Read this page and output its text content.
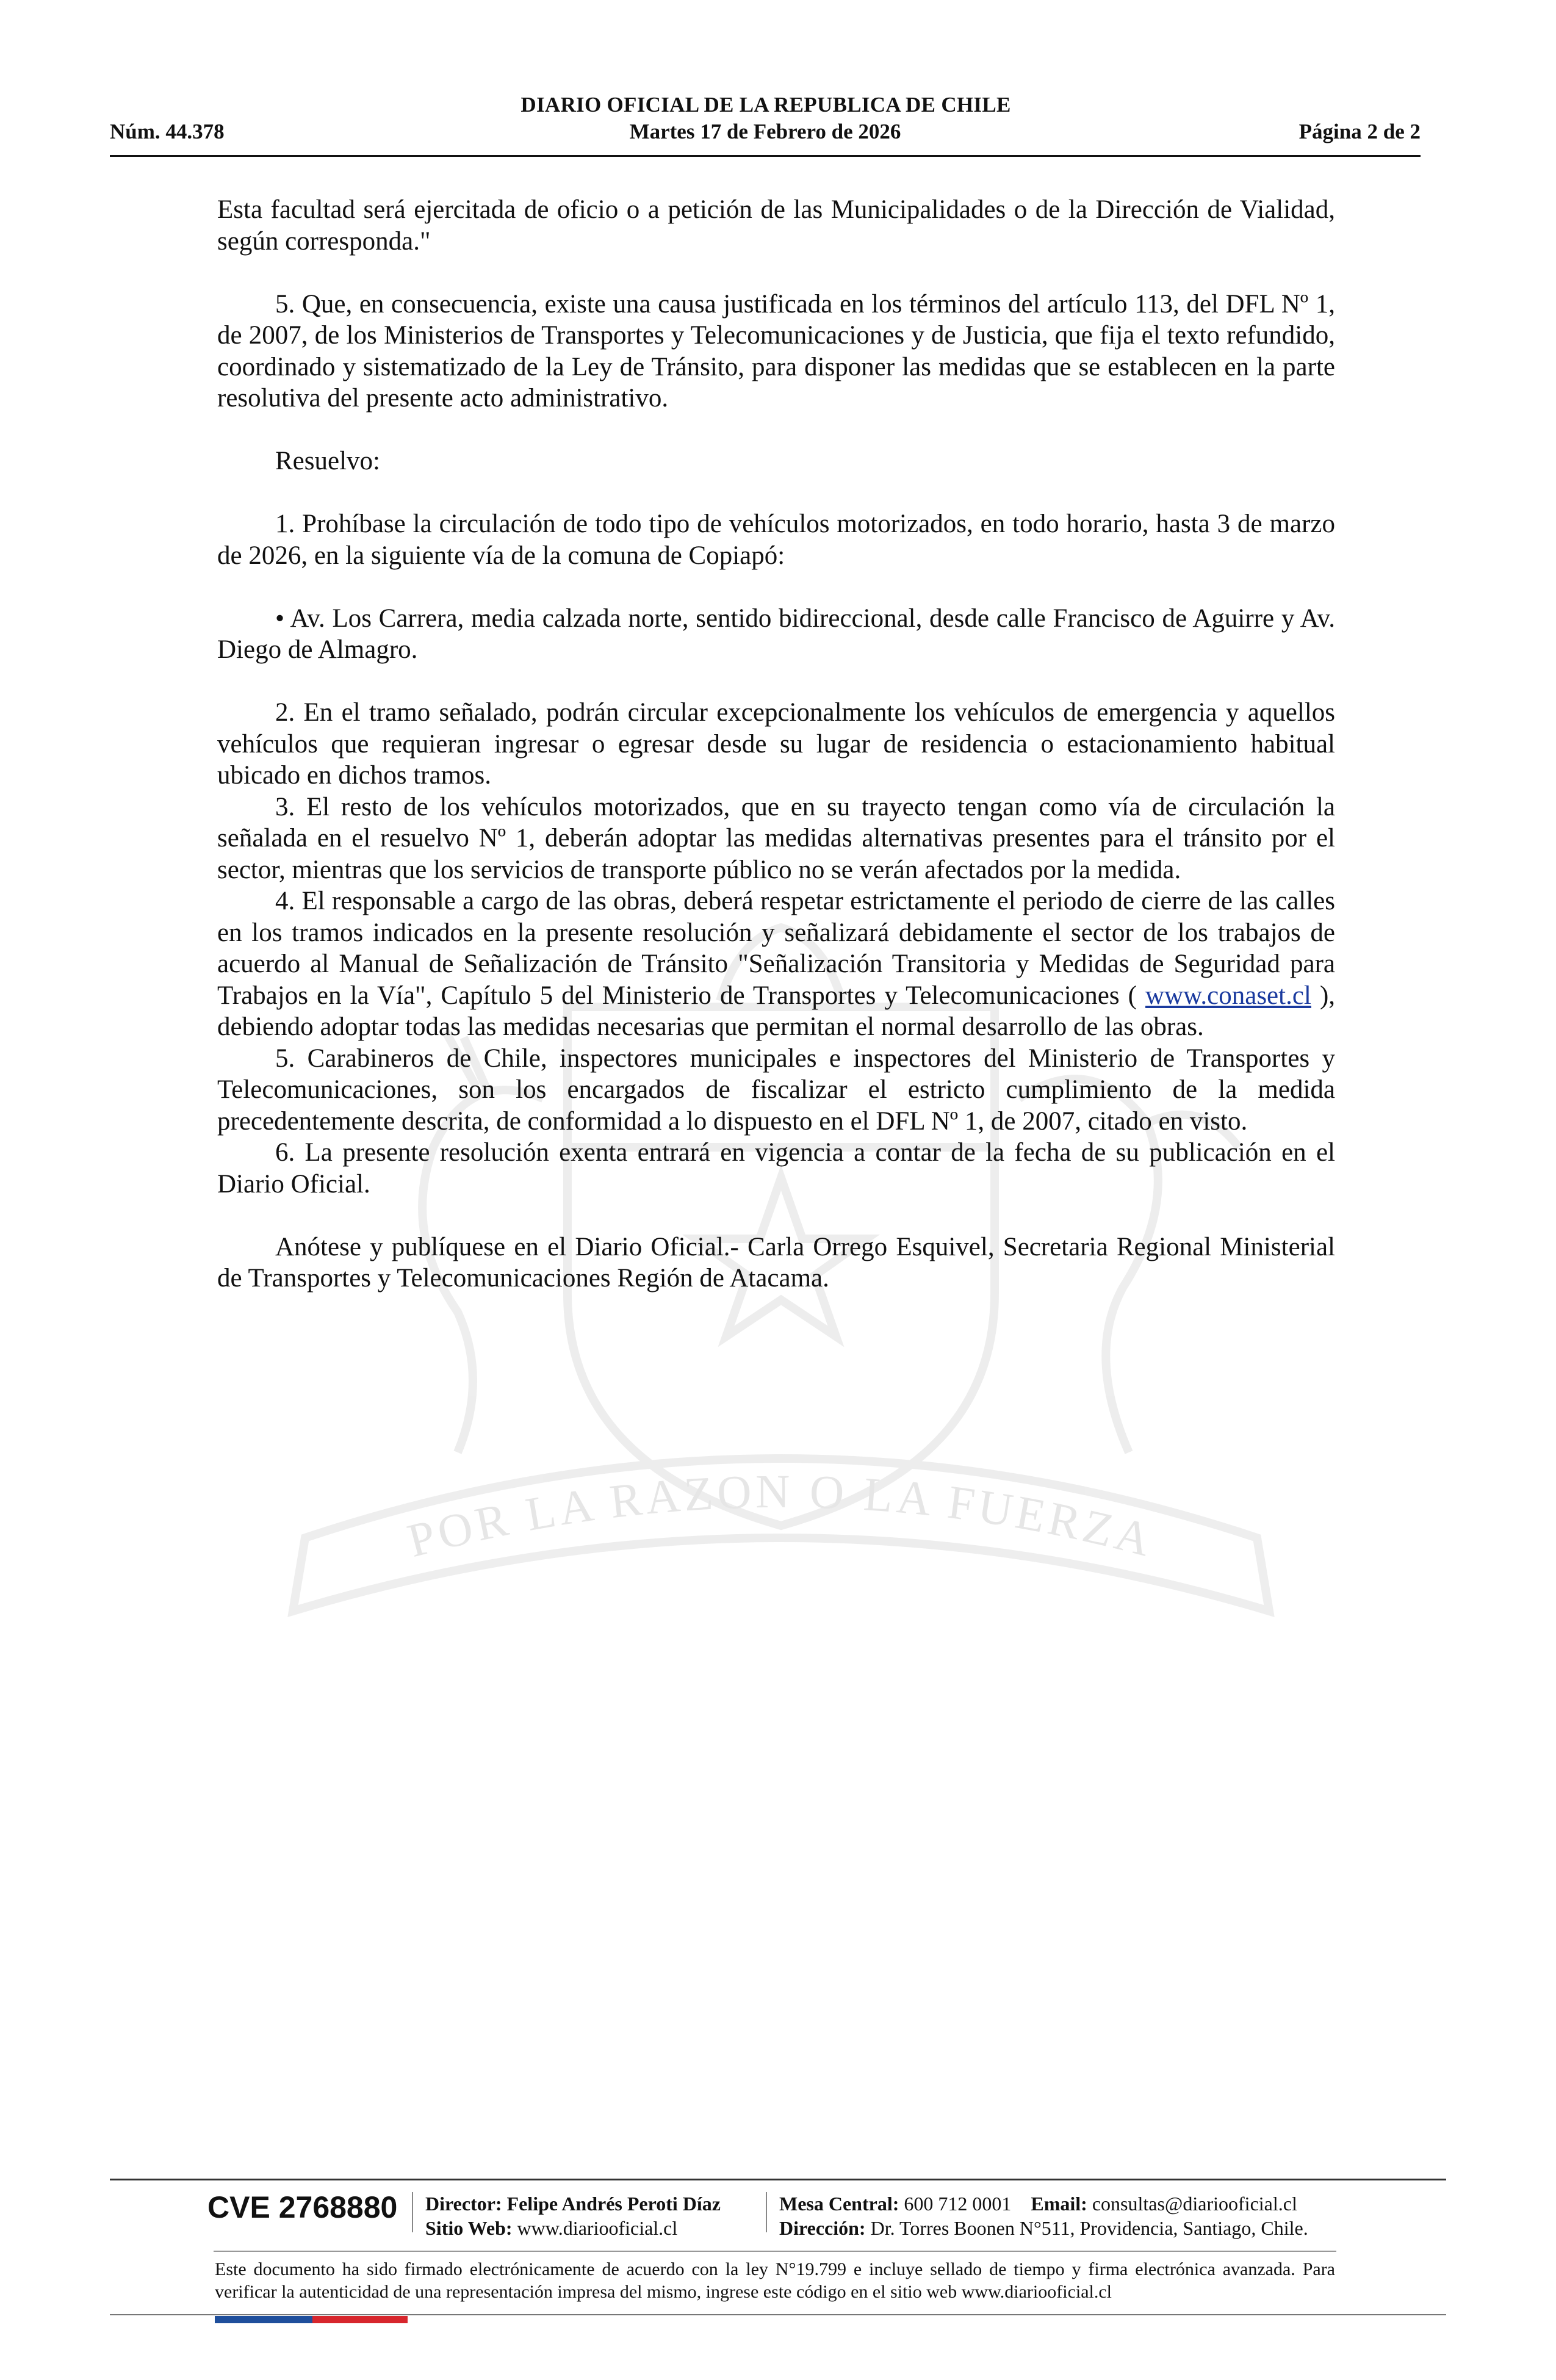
DIARIO OFICIAL DE LA REPUBLICA DE CHILE
Núm. 44.378	Martes 17 de Febrero de 2026	Página 2 de 2
POR LA RAZON O LA FUERZA

Esta facultad será ejercitada de oficio o a petición de las Municipalidades o de la Dirección de Vialidad, según corresponda."

5. Que, en consecuencia, existe una causa justificada en los términos del artículo 113, del DFL Nº 1, de 2007, de los Ministerios de Transportes y Telecomunicaciones y de Justicia, que fija el texto refundido, coordinado y sistematizado de la Ley de Tránsito, para disponer las medidas que se establecen en la parte resolutiva del presente acto administrativo.

Resuelvo:

1. Prohíbase la circulación de todo tipo de vehículos motorizados, en todo horario, hasta 3 de marzo de 2026, en la siguiente vía de la comuna de Copiapó:

• Av. Los Carrera, media calzada norte, sentido bidireccional, desde calle Francisco de Aguirre y Av. Diego de Almagro.

2. En el tramo señalado, podrán circular excepcionalmente los vehículos de emergencia y aquellos vehículos que requieran ingresar o egresar desde su lugar de residencia o estacionamiento habitual ubicado en dichos tramos.

3. El resto de los vehículos motorizados, que en su trayecto tengan como vía de circulación la señalada en el resuelvo Nº 1, deberán adoptar las medidas alternativas presentes para el tránsito por el sector, mientras que los servicios de transporte público no se verán afectados por la medida.

4. El responsable a cargo de las obras, deberá respetar estrictamente el periodo de cierre de las calles en los tramos indicados en la presente resolución y señalizará debidamente el sector de los trabajos de acuerdo al Manual de Señalización de Tránsito "Señalización Transitoria y Medidas de Seguridad para Trabajos en la Vía", Capítulo 5 del Ministerio de Transportes y Telecomunicaciones ( www.conaset.cl ), debiendo adoptar todas las medidas necesarias que permitan el normal desarrollo de las obras.

5. Carabineros de Chile, inspectores municipales e inspectores del Ministerio de Transportes y Telecomunicaciones, son los encargados de fiscalizar el estricto cumplimiento de la medida precedentemente descrita, de conformidad a lo dispuesto en el DFL Nº 1, de 2007, citado en visto.

6. La presente resolución exenta entrará en vigencia a contar de la fecha de su publicación en el Diario Oficial.

Anótese y publíquese en el Diario Oficial.- Carla Orrego Esquivel, Secretaria Regional Ministerial de Transportes y Telecomunicaciones Región de Atacama.

CVE 2768880 Director: Felipe Andrés Peroti Díaz
Sitio Web: www.diariooficial.cl
Mesa Central: 600 712 0001 Email: consultas@diariooficial.cl
Dirección: Dr. Torres Boonen N°511, Providencia, Santiago, Chile.
Este documento ha sido firmado electrónicamente de acuerdo con la ley N°19.799 e incluye sellado de tiempo y firma electrónica avanzada. Para verificar la autenticidad de una representación impresa del mismo, ingrese este código en el sitio web www.diariooficial.cl
